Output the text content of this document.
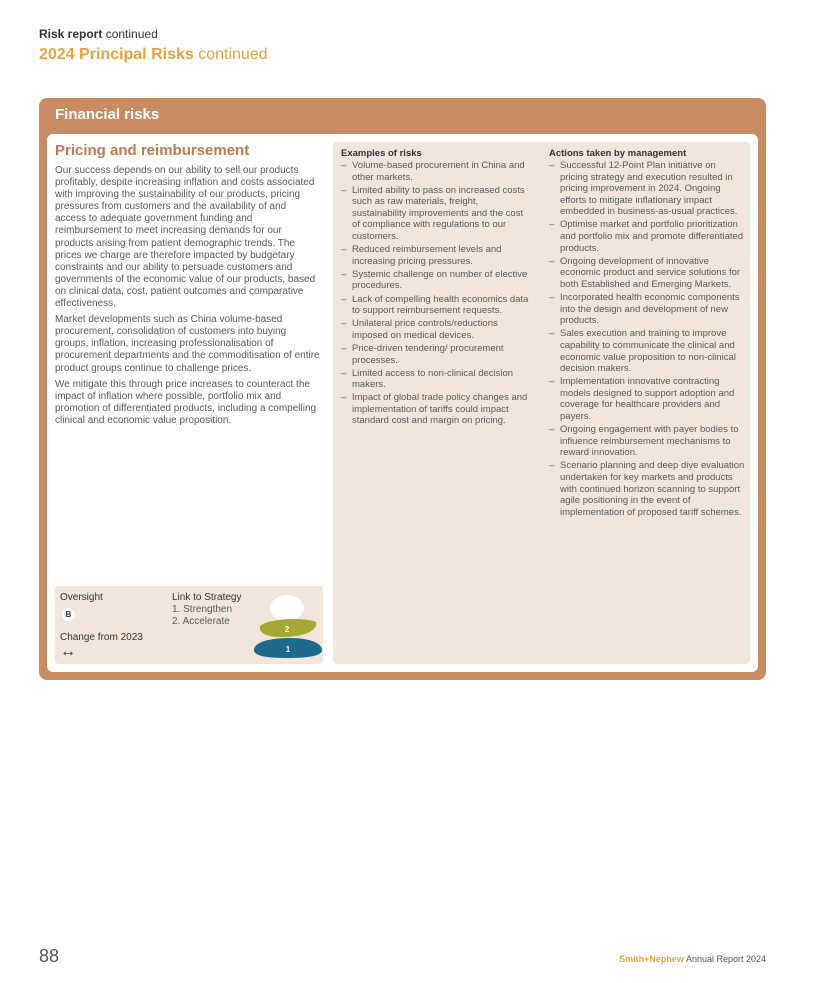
Risk report continued
2024 Principal Risks continued
Financial risks
Pricing and reimbursement

Our success depends on our ability to sell our products profitably, despite increasing inflation and costs associated with improving the sustainability of our products, pricing pressures from customers and the availability of and access to adequate government funding and reimbursement to meet increasing demands for our products arising from patient demographic trends. The prices we charge are therefore impacted by budgetary constraints and our ability to persuade customers and governments of the economic value of our products, based on clinical data, cost, patient outcomes and comparative effectiveness.

Market developments such as China volume-based procurement, consolidation of customers into buying groups, inflation, increasing professionalisation of procurement departments and the commoditisation of entire product groups continue to challenge prices.

We mitigate this through price increases to counteract the impact of inflation where possible, portfolio mix and promotion of differentiated products, including a compelling clinical and economic value proposition.

Oversight
B
Change from 2023
↔
Link to Strategy
1. Strengthen
2. Accelerate
2
1
Examples of risks
– Volume-based procurement in China and other markets.
– Limited ability to pass on increased costs such as raw materials, freight, sustainability improvements and the cost of compliance with regulations to our customers.
– Reduced reimbursement levels and increasing pricing pressures.
– Systemic challenge on number of elective procedures.
– Lack of compelling health economics data to support reimbursement requests.
– Unilateral price controls/reductions imposed on medical devices.
– Price-driven tendering/ procurement processes.
– Limited access to non-clinical decision makers.
– Impact of global trade policy changes and implementation of tariffs could impact standard cost and margin on pricing.
Actions taken by management
– Successful 12-Point Plan initiative on pricing strategy and execution resulted in pricing improvement in 2024. Ongoing efforts to mitigate inflationary impact embedded in business-as-usual practices.
– Optimise market and portfolio prioritization and portfolio mix and promote differentiated products.
– Ongoing development of innovative economic product and service solutions for both Established and Emerging Markets.
– Incorporated health economic components into the design and development of new products.
– Sales execution and training to improve capability to communicate the clinical and economic value proposition to non-clinical decision makers.
– Implementation innovative contracting models designed to support adoption and coverage for healthcare providers and payers.
– Ongoing engagement with payer bodies to influence reimbursement mechanisms to reward innovation.
– Scenario planning and deep dive evaluation undertaken for key markets and products with continued horizon scanning to support agile positioning in the event of implementation of proposed tariff schemes.
88	Smith+Nephew Annual Report 2024
